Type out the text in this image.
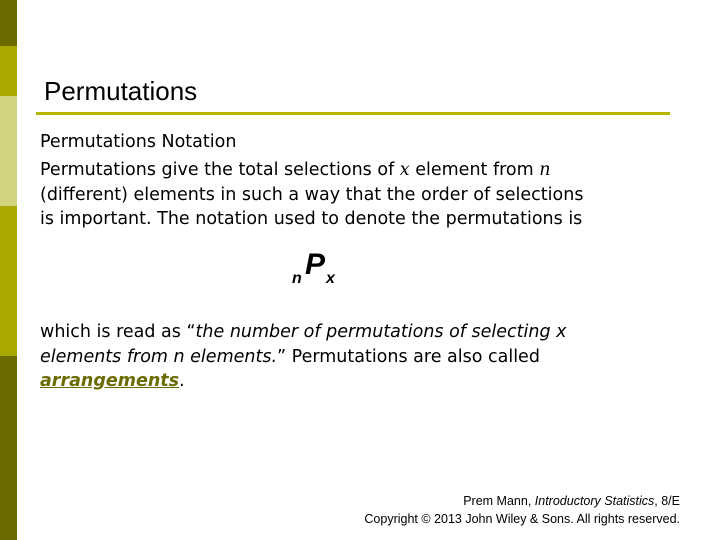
Permutations
Permutations Notation
Permutations give the total selections of x element from n
(different) elements in such a way that the order of selections
is important. The notation used to denote the permutations is
n P x
which is read as “the number of permutations of selecting x
elements from n elements.” Permutations are also called
arrangements.
Prem Mann, Introductory Statistics, 8/E
Copyright © 2013 John Wiley & Sons. All rights reserved.
